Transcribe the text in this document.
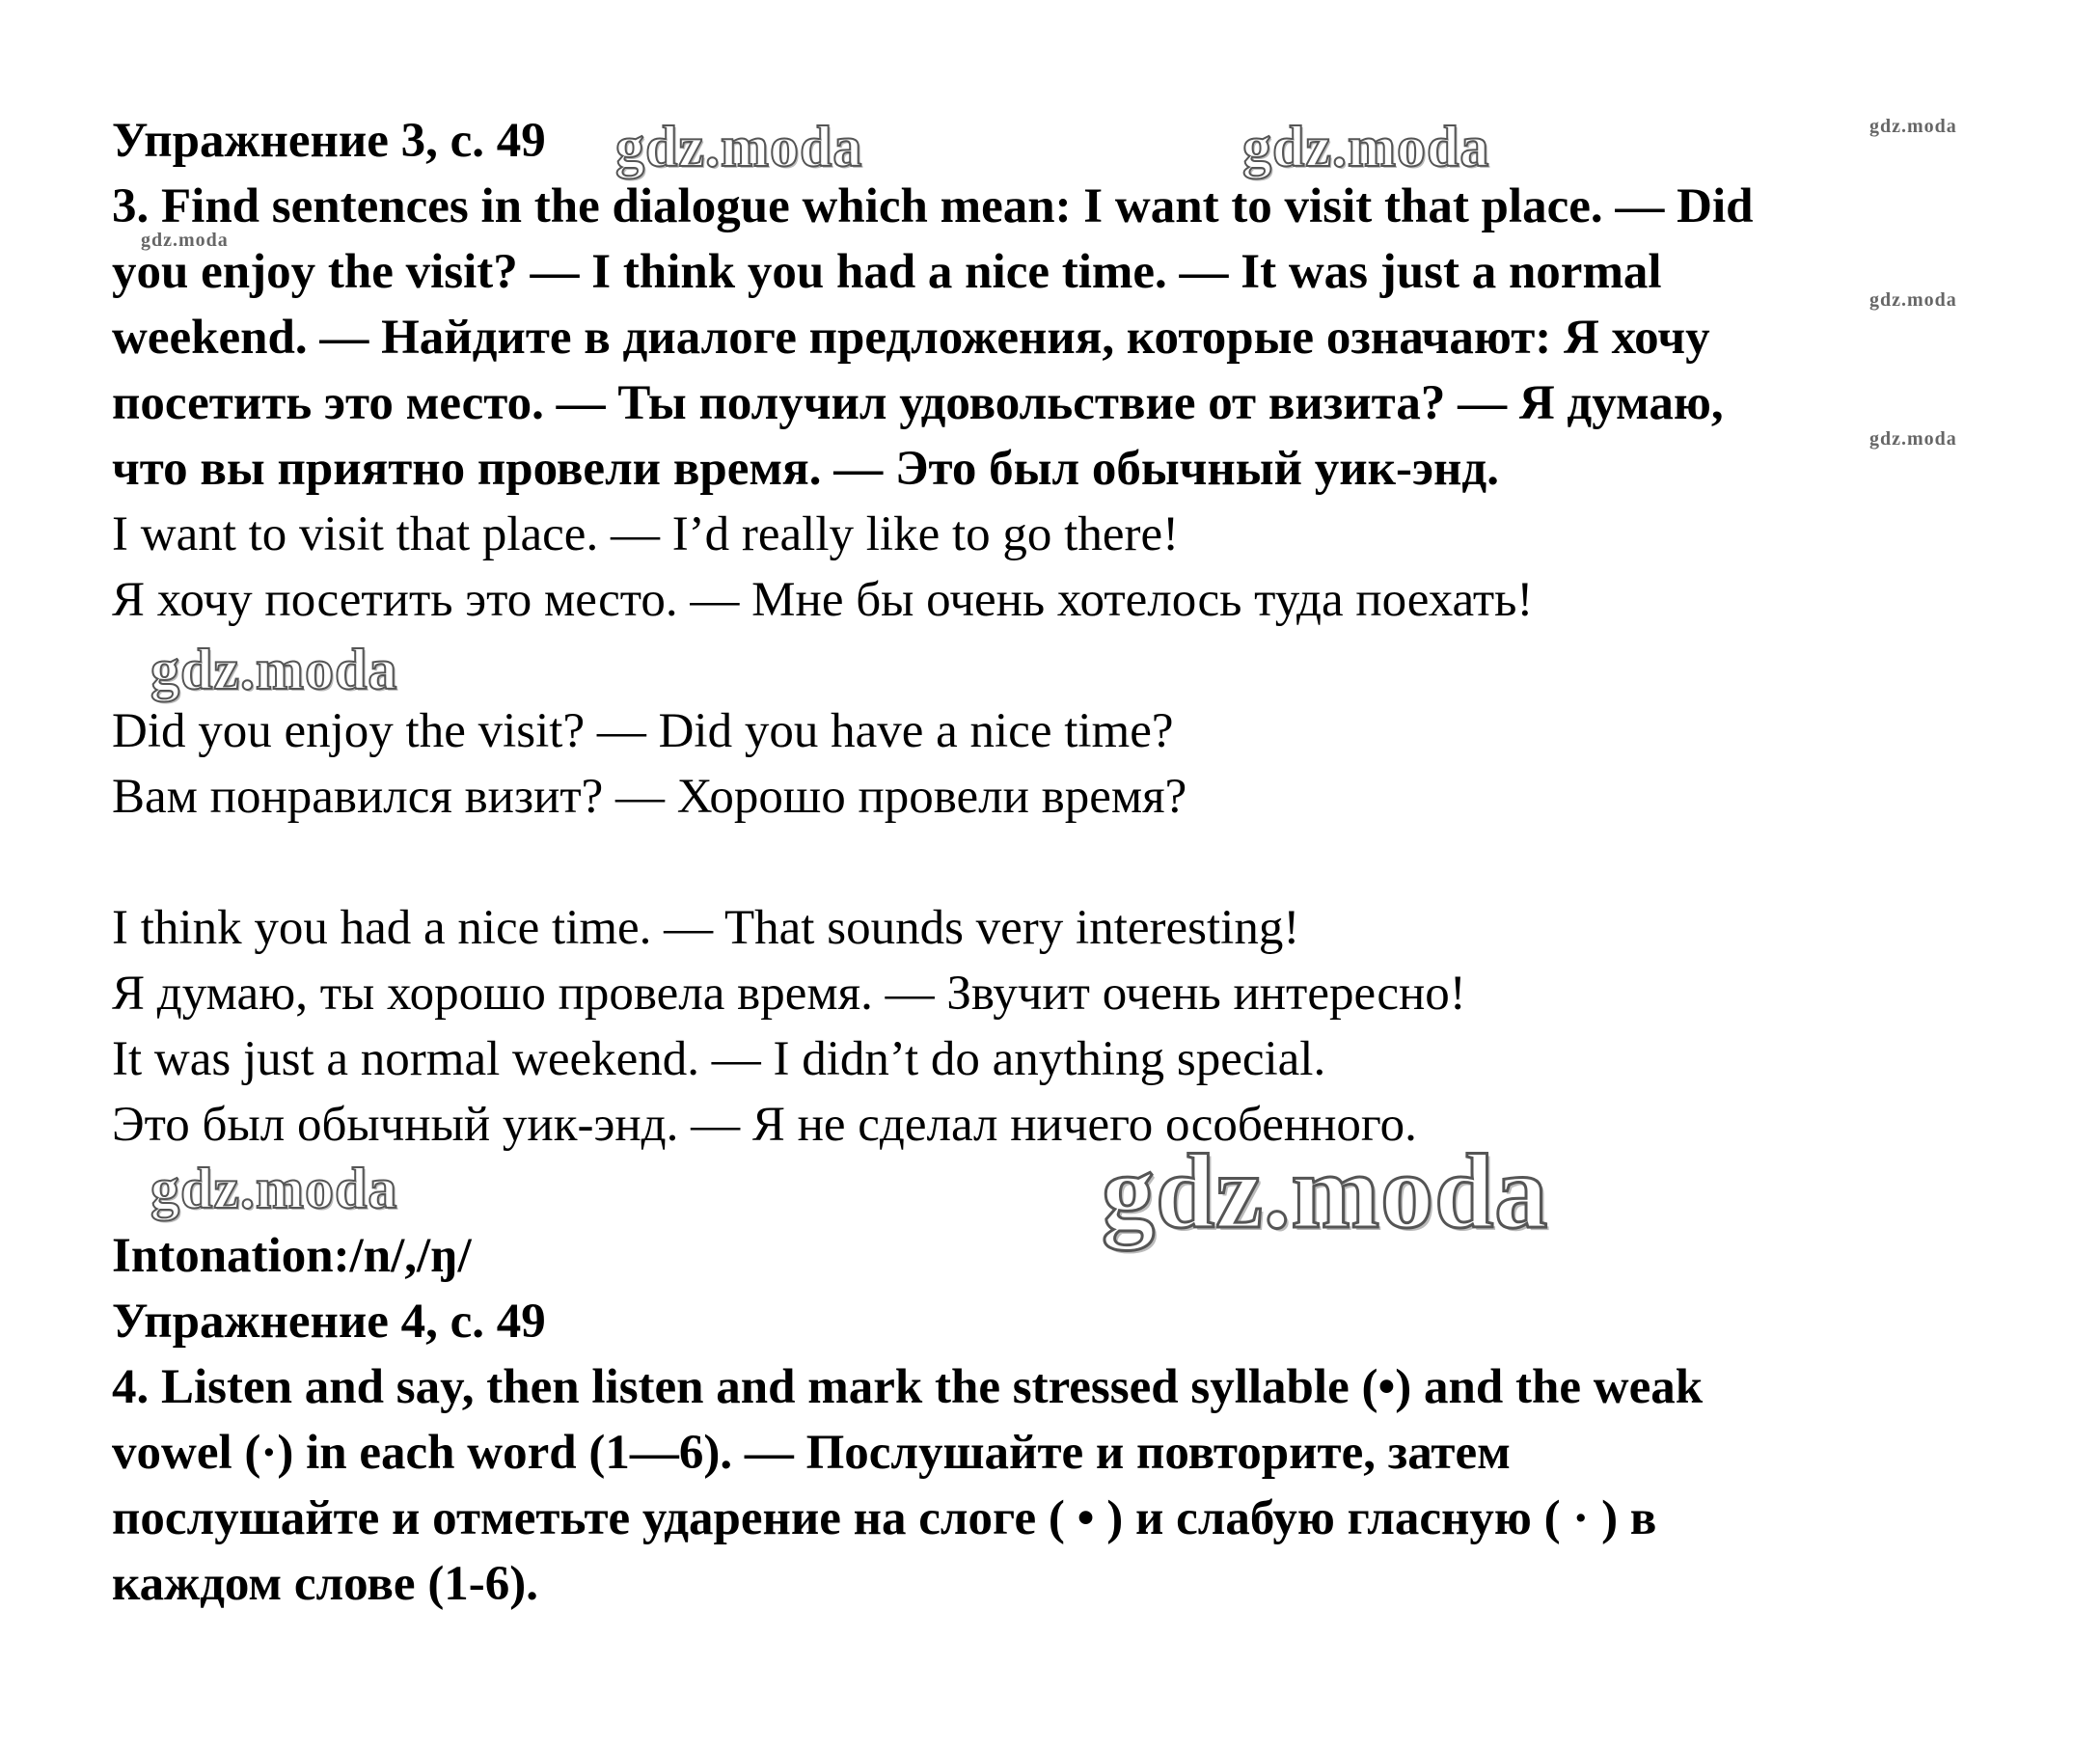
Упражнение 3, с. 49

3. Find sentences in the dialogue which mean: I want to visit that place. — Did

you enjoy the visit? — I think you had a nice time. — It was just a normal

weekend. — Найдите в диалоге предложения, которые означают: Я хочу

посетить это место. — Ты получил удовольствие от визита? — Я думаю,

что вы приятно провели время. — Это был обычный уик-энд.

I want to visit that place. — I’d really like to go there!

Я хочу посетить это место. — Мне бы очень хотелось туда поехать!

Did you enjoy the visit? — Did you have a nice time?

Вам понравился визит? — Хорошо провели время?

I think you had a nice time. — That sounds very interesting!

Я думаю, ты хорошо провела время. — Звучит очень интересно!

It was just a normal weekend. — I didn’t do anything special.

Это был обычный уик-энд. — Я не сделал ничего особенного.

Intonation:/n/,/ŋ/

Упражнение 4, с. 49

4. Listen and say, then listen and mark the stressed syllable (•) and the weak

vowel (·) in each word (1—6). — Послушайте и повторите, затем

послушайте и отметьте ударение на слоге ( • ) и слабую гласную ( · ) в

каждом слове (1-6).

gdz.moda	gdz.moda	gdz.moda
gdz.moda
gdz.moda
gdz.moda
gdz.moda
gdz.moda	gdz.moda
